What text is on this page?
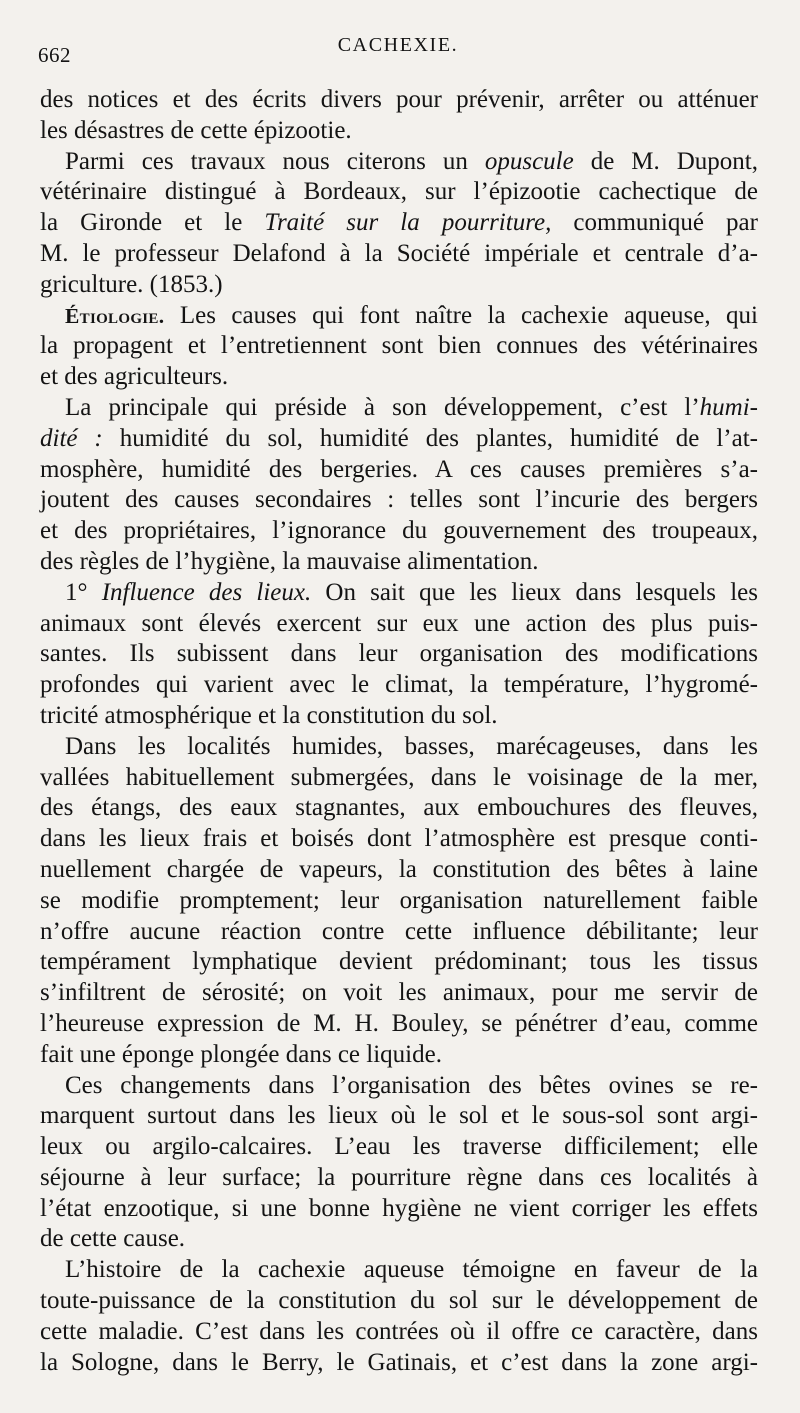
662	CACHEXIE.
des notices et des écrits divers pour prévenir, arrêter ou atténuer
les désastres de cette épizootie.
Parmi ces travaux nous citerons un opuscule de M. Dupont,
vétérinaire distingué à Bordeaux, sur l’épizootie cachectique de
la Gironde et le Traité sur la pourriture, communiqué par
M. le professeur Delafond à la Société impériale et centrale d’a-
griculture. (1853.)
Étiologie. Les causes qui font naître la cachexie aqueuse, qui
la propagent et l’entretiennent sont bien connues des vétérinaires
et des agriculteurs.
La principale qui préside à son développement, c’est l’humi-
dité : humidité du sol, humidité des plantes, humidité de l’at-
mosphère, humidité des bergeries. A ces causes premières s’a-
joutent des causes secondaires : telles sont l’incurie des bergers
et des propriétaires, l’ignorance du gouvernement des troupeaux,
des règles de l’hygiène, la mauvaise alimentation.
1° Influence des lieux. On sait que les lieux dans lesquels les
animaux sont élevés exercent sur eux une action des plus puis-
santes. Ils subissent dans leur organisation des modifications
profondes qui varient avec le climat, la température, l’hygromé-
tricité atmosphérique et la constitution du sol.
Dans les localités humides, basses, marécageuses, dans les
vallées habituellement submergées, dans le voisinage de la mer,
des étangs, des eaux stagnantes, aux embouchures des fleuves,
dans les lieux frais et boisés dont l’atmosphère est presque conti-
nuellement chargée de vapeurs, la constitution des bêtes à laine
se modifie promptement; leur organisation naturellement faible
n’offre aucune réaction contre cette influence débilitante; leur
tempérament lymphatique devient prédominant; tous les tissus
s’infiltrent de sérosité; on voit les animaux, pour me servir de
l’heureuse expression de M. H. Bouley, se pénétrer d’eau, comme
fait une éponge plongée dans ce liquide.
Ces changements dans l’organisation des bêtes ovines se re-
marquent surtout dans les lieux où le sol et le sous-sol sont argi-
leux ou argilo-calcaires. L’eau les traverse difficilement; elle
séjourne à leur surface; la pourriture règne dans ces localités à
l’état enzootique, si une bonne hygiène ne vient corriger les effets
de cette cause.
L’histoire de la cachexie aqueuse témoigne en faveur de la
toute-puissance de la constitution du sol sur le développement de
cette maladie. C’est dans les contrées où il offre ce caractère, dans
la Sologne, dans le Berry, le Gatinais, et c’est dans la zone argi-
